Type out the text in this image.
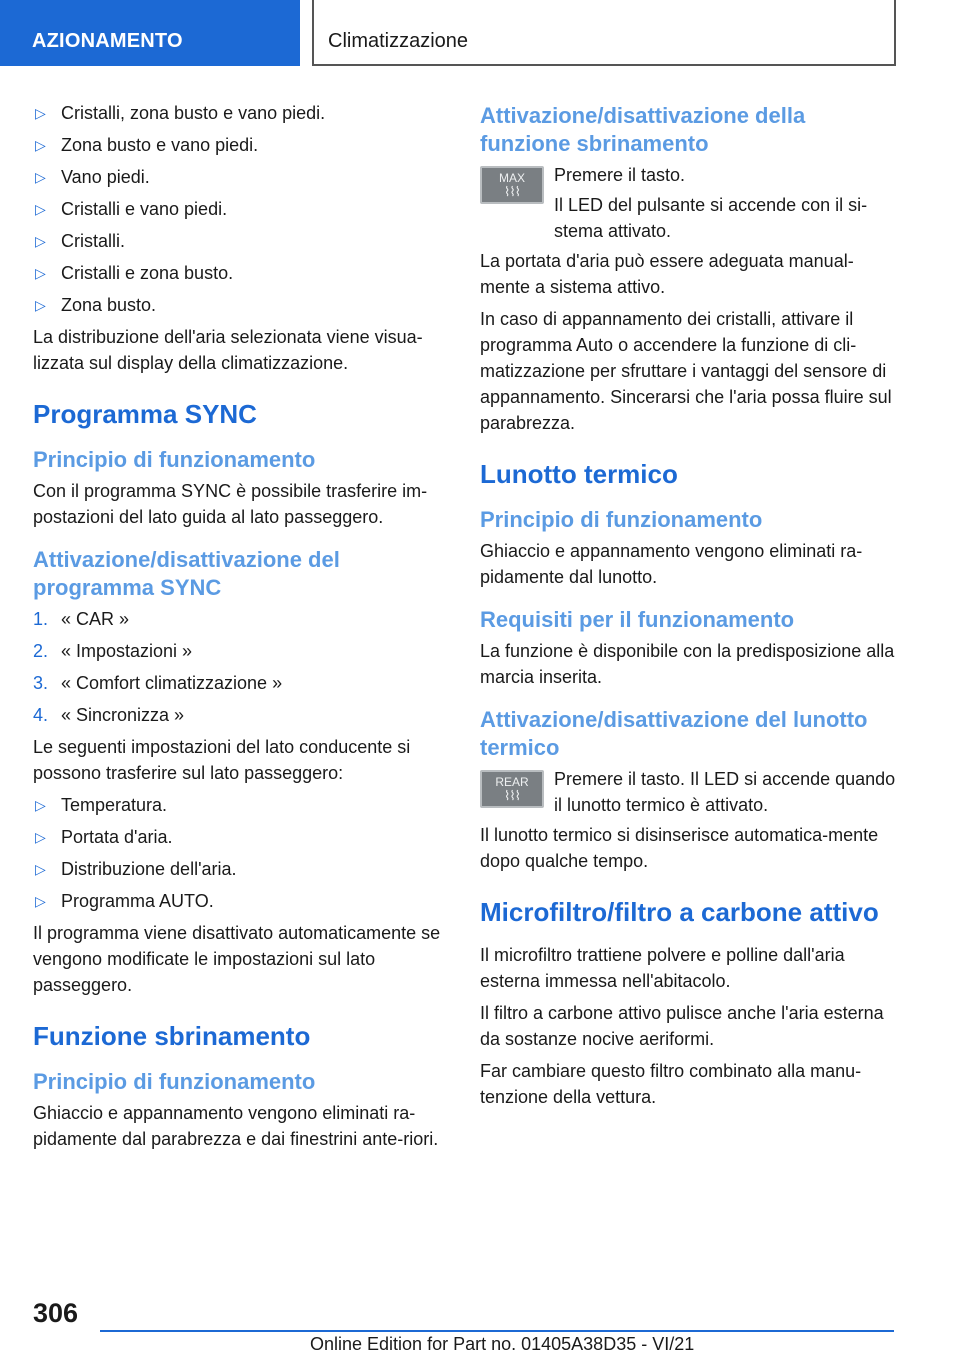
AZIONAMENTO	Climatizzazione
▷ Cristalli, zona busto e vano piedi.
▷ Zona busto e vano piedi.
▷ Vano piedi.
▷ Cristalli e vano piedi.
▷ Cristalli.
▷ Cristalli e zona busto.
▷ Zona busto.

La distribuzione dell'aria selezionata viene visua-lizzata sul display della climatizzazione.

Programma SYNC
Principio di funzionamento

Con il programma SYNC è possibile trasferire im-postazioni del lato guida al lato passeggero.

Attivazione/disattivazione del programma SYNC
1. « CAR »
2. « Impostazioni »
3. « Comfort climatizzazione »
4. « Sincronizza »

Le seguenti impostazioni del lato conducente si possono trasferire sul lato passeggero:

▷ Temperatura.
▷ Portata d'aria.
▷ Distribuzione dell'aria.
▷ Programma AUTO.

Il programma viene disattivato automaticamente se vengono modificate le impostazioni sul lato passeggero.

Funzione sbrinamento
Principio di funzionamento

Ghiaccio e appannamento vengono eliminati ra-pidamente dal parabrezza e dai finestrini ante-riori.

Attivazione/disattivazione della funzione sbrinamento
MAX
⌇⌇⌇

Premere il tasto.

Il LED del pulsante si accende con il si-stema attivato.

La portata d'aria può essere adeguata manual-mente a sistema attivo.

In caso di appannamento dei cristalli, attivare il programma Auto o accendere la funzione di cli-matizzazione per sfruttare i vantaggi del sensore di appannamento. Sincerarsi che l'aria possa fluire sul parabrezza.

Lunotto termico
Principio di funzionamento

Ghiaccio e appannamento vengono eliminati ra-pidamente dal lunotto.

Requisiti per il funzionamento

La funzione è disponibile con la predisposizione alla marcia inserita.

Attivazione/disattivazione del lunotto termico
REAR
⌇⌇⌇

Premere il tasto. Il LED si accende quando il lunotto termico è attivato.

Il lunotto termico si disinserisce automatica-mente dopo qualche tempo.

Microfiltro/filtro a carbone attivo

Il microfiltro trattiene polvere e polline dall'aria esterna immessa nell'abitacolo.

Il filtro a carbone attivo pulisce anche l'aria esterna da sostanze nocive aeriformi.

Far cambiare questo filtro combinato alla manu-tenzione della vettura.

306
Online Edition for Part no. 01405A38D35 - VI/21
